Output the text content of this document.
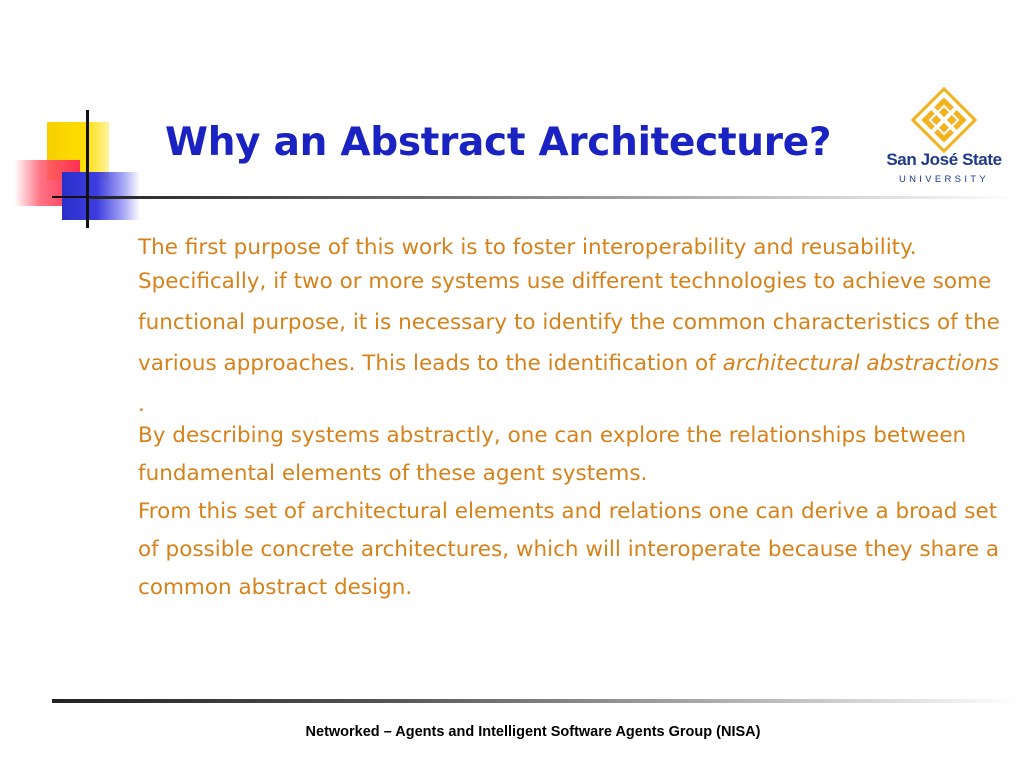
Why an Abstract Architecture?	San José State
UNIVERSITY

The first purpose of this work is to foster interoperability and reusability.

Specifically, if two or more systems use different technologies to achieve some functional purpose, it is necessary to identify the common characteristics of the various approaches. This leads to the identification of architectural abstractions .

By describing systems abstractly, one can explore the relationships between fundamental elements of these agent systems.

From this set of architectural elements and relations one can derive a broad set of possible concrete architectures, which will interoperate because they share a common abstract design.

Networked – Agents and Intelligent Software Agents Group (NISA)
